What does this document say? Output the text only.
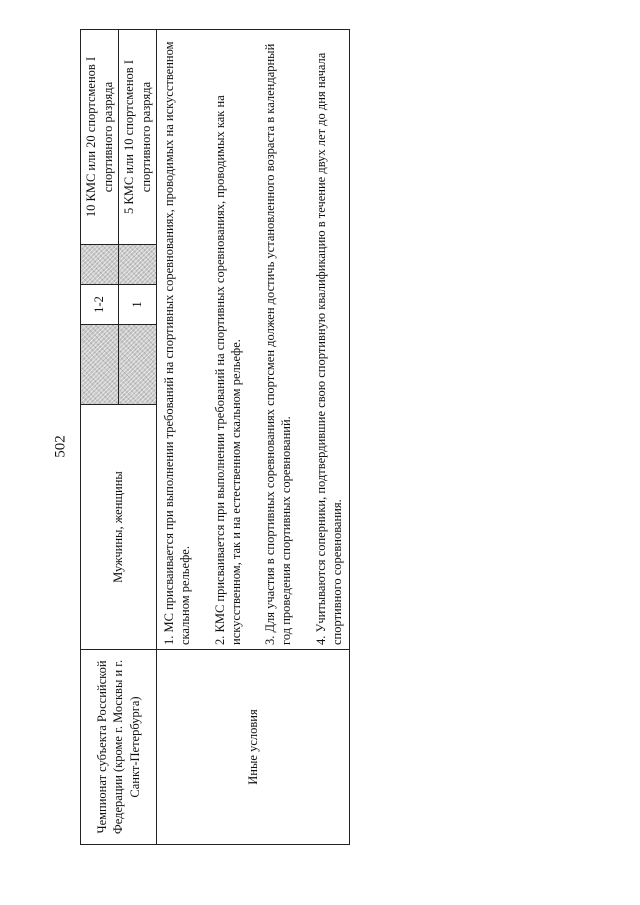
502
Чемпионат субъекта Российской Федерации (кроме г. Москвы и г. Санкт-Петербурга)	Мужчины, женщины		1-2		10 КМС или 20 спортсменов I спортивного разряда
			1		5 КМС или 10 спортсменов I спортивного разряда
Иные условия	1. МС присваивается при выполнении требований на спортивных соревнованиях, проводимых на искусственном скальном рельефе. 2. КМС присваивается при выполнении требований на спортивных соревнованиях, проводимых как на искусственном, так и на естественном скальном рельефе. 3. Для участия в спортивных соревнованиях спортсмен должен достичь установленного возраста в календарный год проведения спортивных соревнований. 4. Учитываются соперники, подтвердившие свою спортивную квалификацию в течение двух лет до дня начала спортивного соревнования.				
